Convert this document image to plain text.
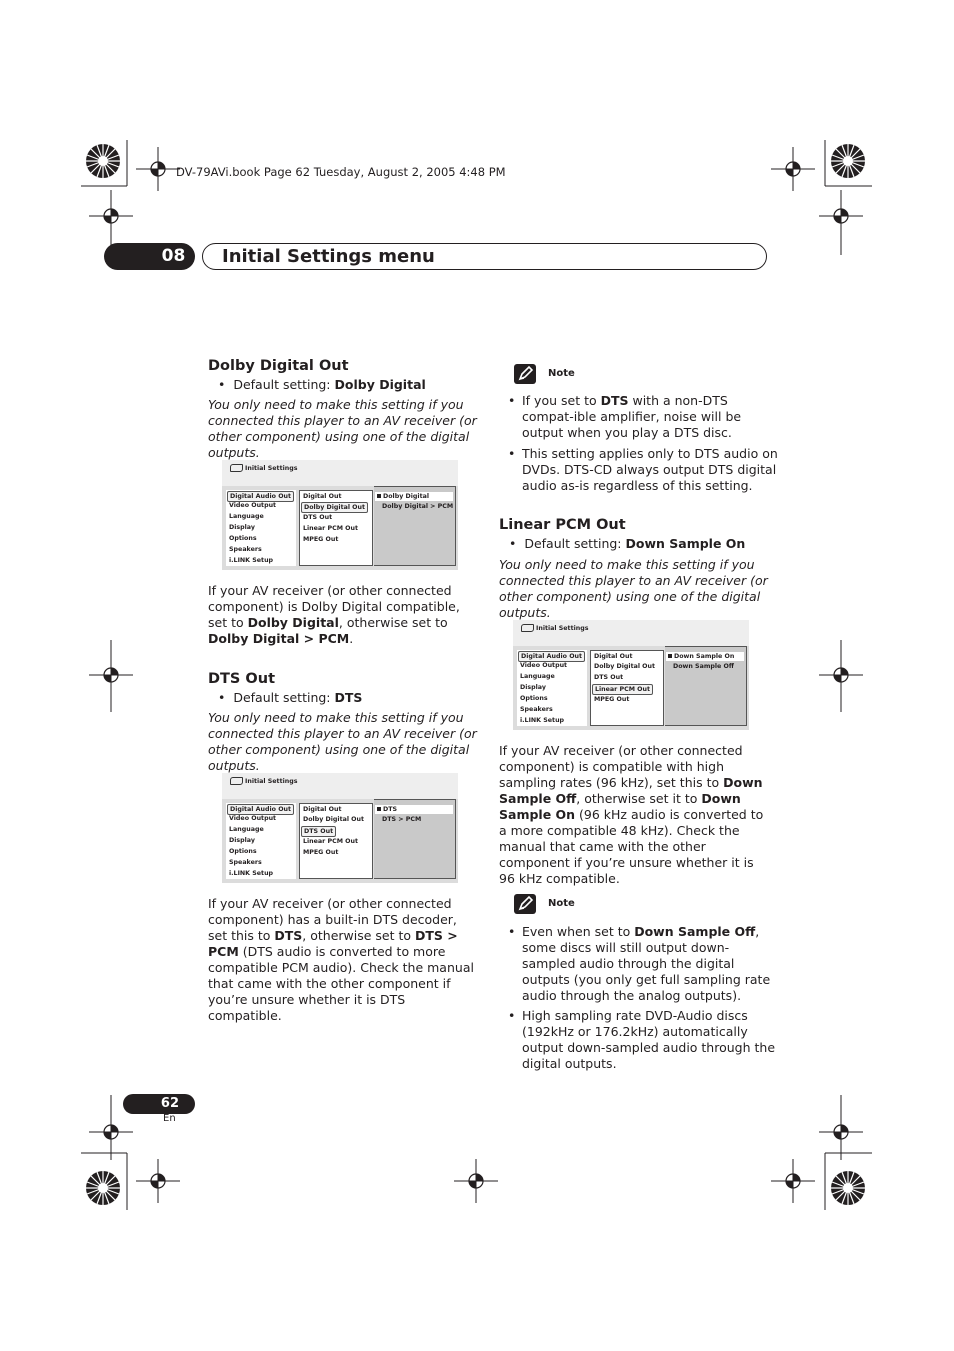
DV-79AVi.book Page 62 Tuesday, August 2, 2005 4:48 PM
08	Initial Settings menu
Dolby Digital Out
•  Default setting: Dolby Digital

You only need to make this setting if you connected this player to an AV receiver (or other component) using one of the digital outputs.

Initial Settings
Digital Audio Out
Video Output
Language
Display
Options
Speakers
i.LINK Setup
Digital Out
Dolby Digital Out
DTS Out
Linear PCM Out
MPEG Out
Dolby Digital
Dolby Digital > PCM

If your AV receiver (or other connected component) is Dolby Digital compatible, set to Dolby Digital, otherwise set to Dolby Digital > PCM.

DTS Out
•  Default setting: DTS

You only need to make this setting if you connected this player to an AV receiver (or other component) using one of the digital outputs.

Initial Settings
Digital Audio Out
Video Output
Language
Display
Options
Speakers
i.LINK Setup
Digital Out
Dolby Digital Out
DTS Out
Linear PCM Out
MPEG Out
DTS
DTS > PCM

If your AV receiver (or other connected component) has a built-in DTS decoder, set this to DTS, otherwise set to DTS > PCM (DTS audio is converted to more compatible PCM audio). Check the manual that came with the other component if you’re unsure whether it is DTS compatible.

Note
• If you set to DTS with a non-DTS compat-ible amplifier, noise will be output when you play a DTS disc.
• This setting applies only to DTS audio on DVDs. DTS-CD always output DTS digital audio as-is regardless of this setting.
Linear PCM Out
•  Default setting: Down Sample On

You only need to make this setting if you connected this player to an AV receiver (or other component) using one of the digital outputs.

Initial Settings
Digital Audio Out
Video Output
Language
Display
Options
Speakers
i.LINK Setup
Digital Out
Dolby Digital Out
DTS Out
Linear PCM Out
MPEG Out
Down Sample On
Down Sample Off

If your AV receiver (or other connected component) is compatible with high sampling rates (96 kHz), set this to Down Sample Off, otherwise set it to Down Sample On (96 kHz audio is converted to a more compatible 48 kHz). Check the manual that came with the other component if you’re unsure whether it is 96 kHz compatible.

Note
• Even when set to Down Sample Off, some discs will still output down-sampled audio through the digital outputs (you only get full sampling rate audio through the analog outputs).
• High sampling rate DVD-Audio discs (192kHz or 176.2kHz) automatically output down-sampled audio through the digital outputs.
62
En
